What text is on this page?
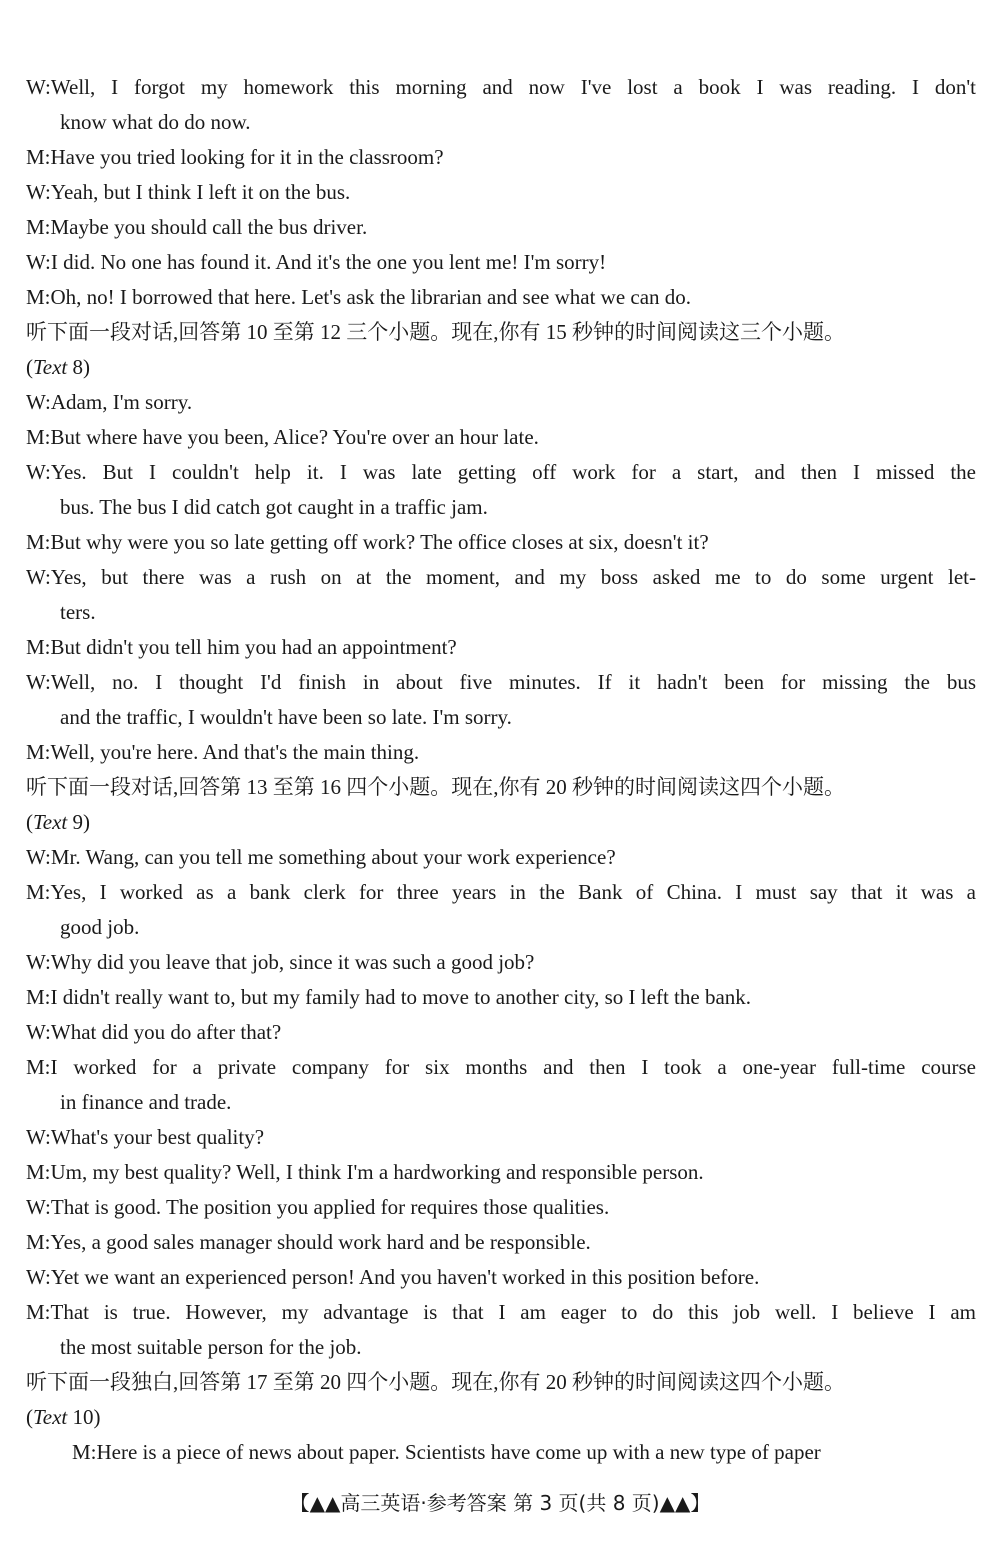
W:Well, I forgot my homework this morning and now I've lost a book I was reading. I don't
know what do do now.
M:Have you tried looking for it in the classroom?
W:Yeah, but I think I left it on the bus.
M:Maybe you should call the bus driver.
W:I did. No one has found it. And it's the one you lent me! I'm sorry!
M:Oh, no! I borrowed that here. Let's ask the librarian and see what we can do.
听下面一段对话,回答第 10 至第 12 三个小题。现在,你有 15 秒钟的时间阅读这三个小题。
(Text 8)
W:Adam, I'm sorry.
M:But where have you been, Alice? You're over an hour late.
W:Yes. But I couldn't help it. I was late getting off work for a start, and then I missed the
bus. The bus I did catch got caught in a traffic jam.
M:But why were you so late getting off work? The office closes at six, doesn't it?
W:Yes, but there was a rush on at the moment, and my boss asked me to do some urgent let-
ters.
M:But didn't you tell him you had an appointment?
W:Well, no. I thought I'd finish in about five minutes. If it hadn't been for missing the bus
and the traffic, I wouldn't have been so late. I'm sorry.
M:Well, you're here. And that's the main thing.
听下面一段对话,回答第 13 至第 16 四个小题。现在,你有 20 秒钟的时间阅读这四个小题。
(Text 9)
W:Mr. Wang, can you tell me something about your work experience?
M:Yes, I worked as a bank clerk for three years in the Bank of China. I must say that it was a
good job.
W:Why did you leave that job, since it was such a good job?
M:I didn't really want to, but my family had to move to another city, so I left the bank.
W:What did you do after that?
M:I worked for a private company for six months and then I took a one-year full-time course
in finance and trade.
W:What's your best quality?
M:Um, my best quality? Well, I think I'm a hardworking and responsible person.
W:That is good. The position you applied for requires those qualities.
M:Yes, a good sales manager should work hard and be responsible.
W:Yet we want an experienced person! And you haven't worked in this position before.
M:That is true. However, my advantage is that I am eager to do this job well. I believe I am
the most suitable person for the job.
听下面一段独白,回答第 17 至第 20 四个小题。现在,你有 20 秒钟的时间阅读这四个小题。
(Text 10)
M:Here is a piece of news about paper. Scientists have come up with a new type of paper
【▲▲高三英语·参考答案 第 3 页(共 8 页)▲▲】
